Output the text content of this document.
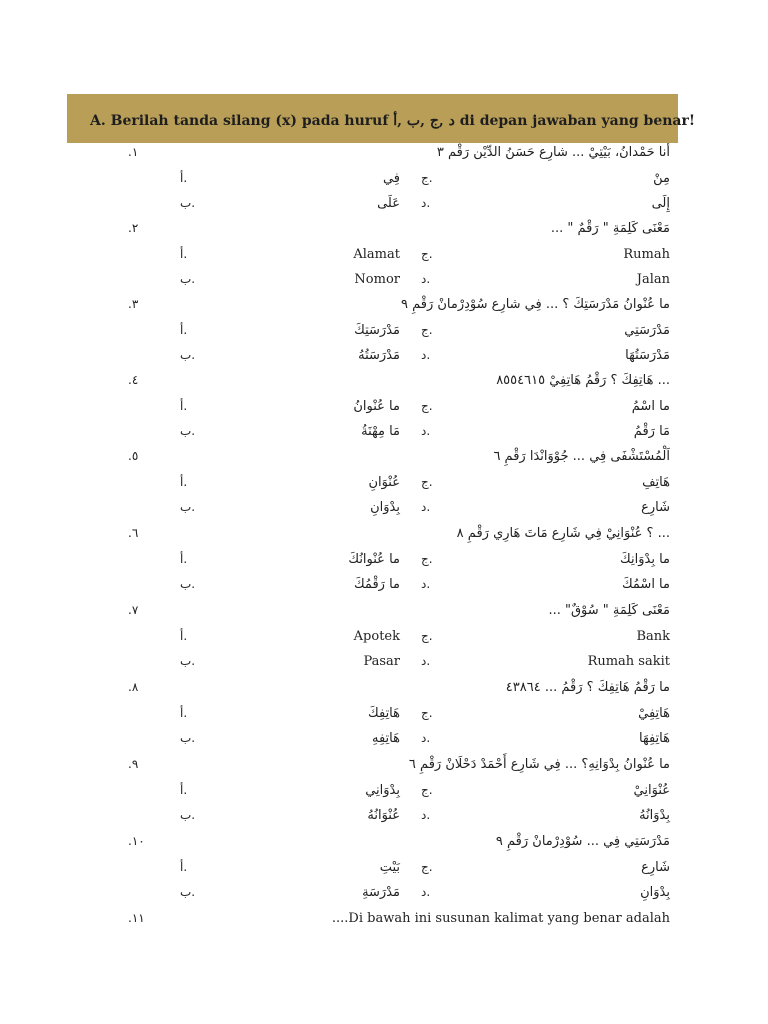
A. Berilah tanda silang (x) pada huruf د ,ج ,ب ,أ di depan jawaban yang benar!
.١	أنا حَمْدانُ، بَيْتِيْ ... شارِع حَسَنُ الدِّيْن رَقْم ٣
مِنْ
ج.
فِي
أ.
إِلَى
د.
عَلَى
ب.
.٢	مَعْنَى كَلِمَةِ " رَقْمٌ " ...
Rumah
ج.
Alamat
أ.
Jalan
د.
Nomor
ب.
.٣	ما عُنْوانُ مَدْرَسَتِكَ ؟ ... فِي شارِع سُوْدِرْمانْ رَقْمِ ٩
مَدْرَسَتِي
ج.
مَدْرَسَتِكَ
أ.
مَدْرَسَتُهَا
د.
مَدْرَسَتُهُ
ب.
.٤	... هَاتِفِكَ ؟ رَقْمُ هَاتِفِيْ ٨٥٥٤٦١٥
ما اسْمُ
ج.
ما عُنْوانُ
أ.
مَا رَقْمُ
د.
مَا مِهْنَةُ
ب.
.٥	اَلْمُسْتَشْفَى فِي ... جُوْوَانْدَا رَقْمِ ٦
هَاتِفِ
ج.
عُنْوَانِ
أ.
شَارِع
د.
بِدْوَانِ
ب.
.٦	... ؟ عُنْوَانِيْ فِي شَارِع مَاتَ هَارِي رَقْمِ ٨
ما بِدْوَانِكَ
ج.
ما عُنْوانُكَ
أ.
ما اسْمُكَ
د.
ما رَقْمُكَ
ب.
.٧	مَعْنَى كَلِمَةِ " سُوْقٌ" ...
Bank
ج.
Apotek
أ.
Rumah sakit
د.
Pasar
ب.
.٨	ما رَقْمُ هَاتِفِكَ ؟ رَقْمُ ... ٤٣٨٦٤
هَاتِفِيْ
ج.
هَاتِفِكَ
أ.
هَاتِفِهَا
د.
هَاتِفِهِ
ب.
.٩	ما عُنْوانُ بِدْوَانِهِ؟ ... فِي شَارِع أَحْمَدْ دَحْلَانْ رَقْمِ ٦
عُنْوَانِيْ
ج.
بِدْوَانِي
أ.
بِدْوَانُهُ
د.
عُنْوَانُهُ
ب.
.١٠	مَدْرَسَتِي فِي ... سُوْدِرْمانْ رَقْمِ ٩
شَارِع
ج.
بَيْتِ
أ.
بِدْوَانِ
د.
مَدْرَسَةِ
ب.
.١١	....Di bawah ini susunan kalimat yang benar adalah
